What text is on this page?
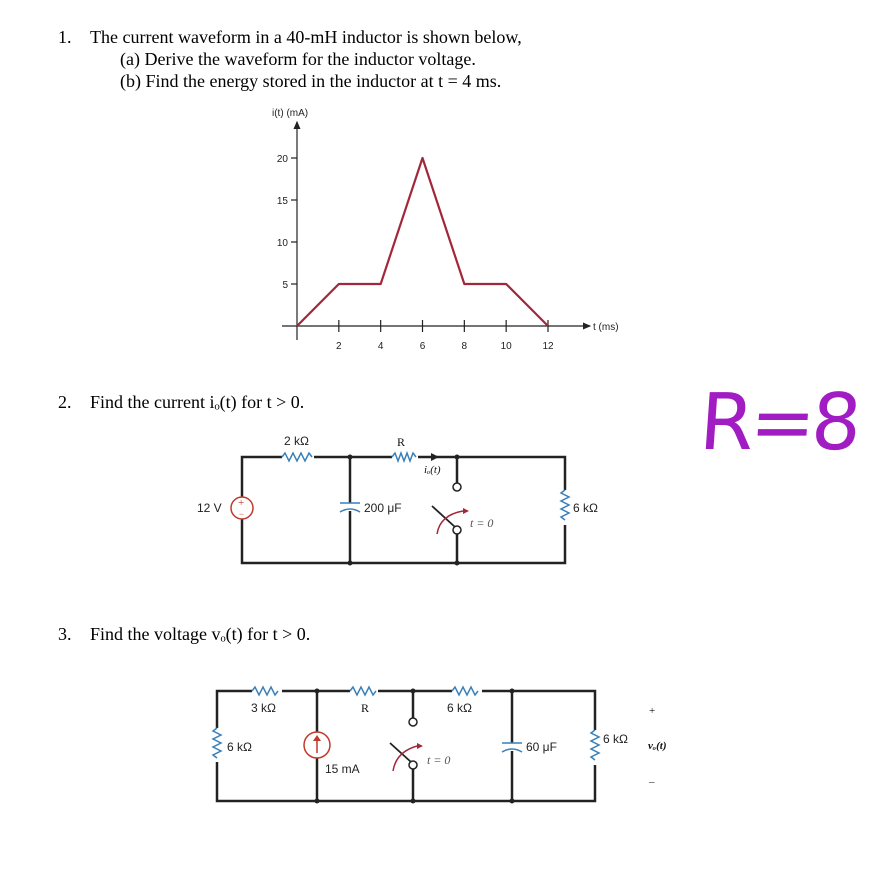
1. The current waveform in a 40-mH inductor is shown below,
(a) Derive the waveform for the inductor voltage.
(b) Find the energy stored in the inductor at t = 4 ms.
2. Find the current iₒ(t) for t > 0.
3. Find the voltage vₒ(t) for t > 0.
R=8
i(t) (mA)
t (ms)
2	4	6	8	10	12
5
10
15
20
+
−
12 V
2 kΩ	R
iₒ(t)
200 μF
t = 0
6 kΩ
3 kΩ
6 kΩ
R	6 kΩ
15 mA
t = 0
60 μF
6 kΩ
+
vₒ(t)
–
